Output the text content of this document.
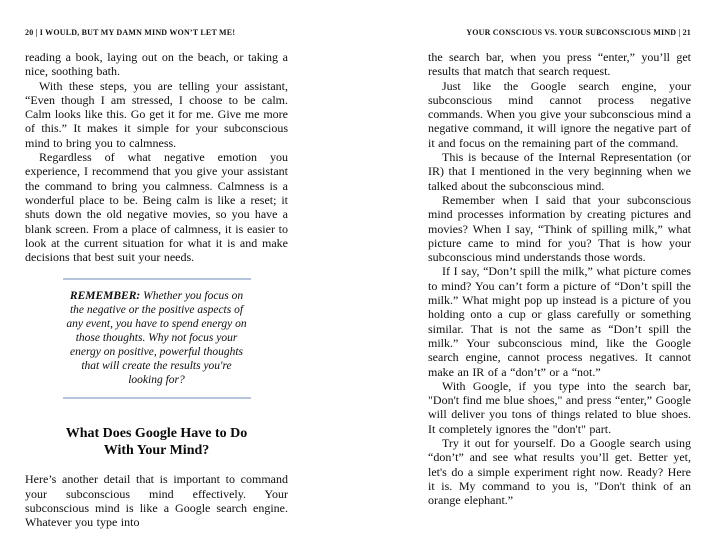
20 | I WOULD, BUT MY DAMN MIND WON’T LET ME!

reading a book, laying out on the beach, or taking a nice, soothing bath.

With these steps, you are telling your assistant, “Even though I am stressed, I choose to be calm. Calm looks like this. Go get it for me. Give me more of this.” It makes it simple for your subconscious mind to bring you to calmness.

Regardless of what negative emotion you experience, I recommend that you give your assistant the command to bring you calmness. Calmness is a wonderful place to be. Being calm is like a reset; it shuts down the old negative movies, so you have a blank screen. From a place of calmness, it is easier to look at the current situation for what it is and make decisions that best suit your needs.

REMEMBER: Whether you focus on the negative or the positive aspects of any event, you have to spend energy on those thoughts. Why not focus your energy on positive, powerful thoughts that will create the results you're looking for?

What Does Google Have to Do
With Your Mind?

Here’s another detail that is important to command your subconscious mind effectively. Your subconscious mind is like a Google search engine. Whatever you type into

YOUR CONSCIOUS VS. YOUR SUBCONSCIOUS MIND | 21

the search bar, when you press “enter,” you’ll get results that match that search request.

Just like the Google search engine, your subconscious mind cannot process negative commands. When you give your subconscious mind a negative command, it will ignore the negative part of it and focus on the remaining part of the command.

This is because of the Internal Representation (or IR) that I mentioned in the very beginning when we talked about the subconscious mind.

Remember when I said that your subconscious mind processes information by creating pictures and movies? When I say, “Think of spilling milk,” what picture came to mind for you? That is how your subconscious mind understands those words.

If I say, “Don’t spill the milk,” what picture comes to mind? You can’t form a picture of “Don’t spill the milk.” What might pop up instead is a picture of you holding onto a cup or glass carefully or something similar. That is not the same as “Don’t spill the milk.” Your subconscious mind, like the Google search engine, cannot process negatives. It cannot make an IR of a “don’t” or a “not.”

With Google, if you type into the search bar, "Don't find me blue shoes," and press “enter,” Google will deliver you tons of things related to blue shoes. It completely ignores the "don't" part.

Try it out for yourself. Do a Google search using “don’t” and see what results you’ll get. Better yet, let's do a simple experiment right now. Ready? Here it is. My command to you is, "Don't think of an orange elephant.”
